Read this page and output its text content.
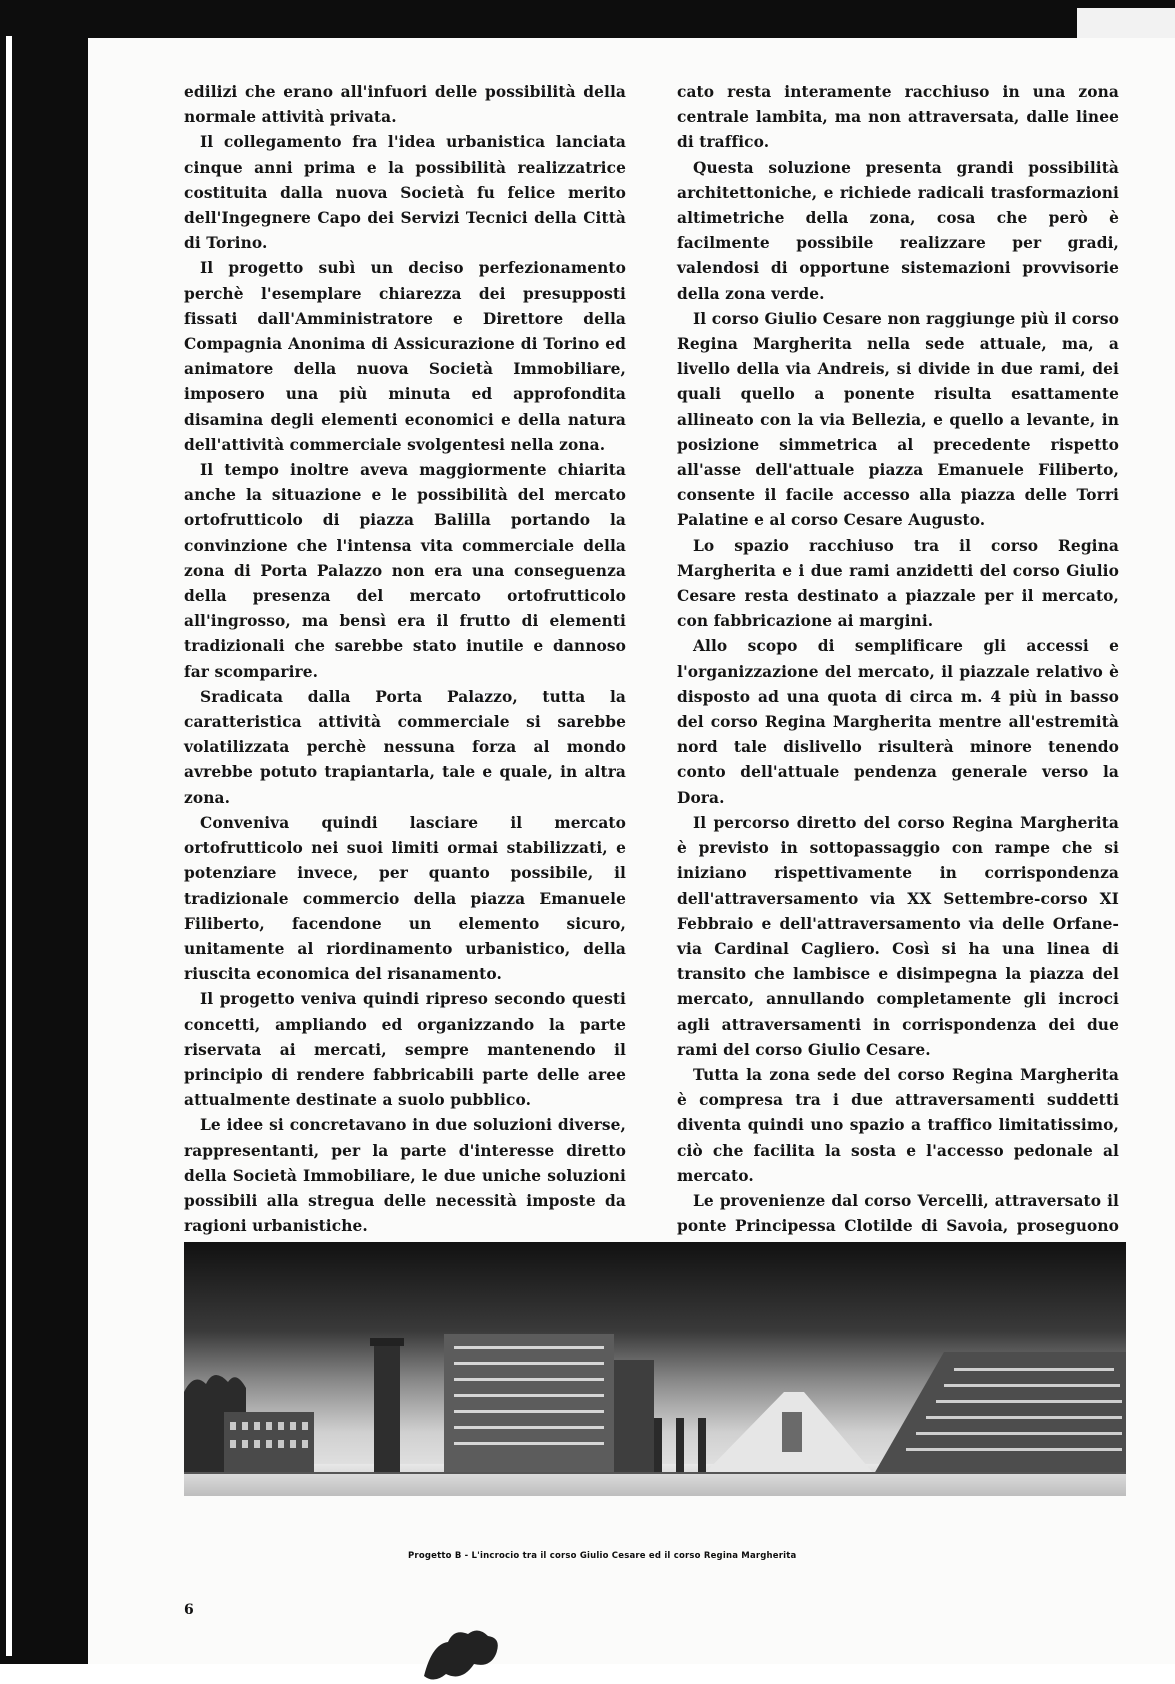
edilizi che erano all'infuori delle possibilità della normale attività privata.

Il collegamento fra l'idea urbanistica lanciata cinque anni prima e la possibilità realizzatrice costituita dalla nuova Società fu felice merito dell'Ingegnere Capo dei Servizi Tecnici della Città di Torino.

Il progetto subì un deciso perfezionamento perchè l'esemplare chiarezza dei presupposti fissati dall'Amministratore e Direttore della Compagnia Anonima di Assicurazione di Torino ed animatore della nuova Società Immobiliare, imposero una più minuta ed approfondita disamina degli elementi economici e della natura dell'attività commerciale svolgentesi nella zona.

Il tempo inoltre aveva maggiormente chiarita anche la situazione e le possibilità del mercato ortofrutticolo di piazza Balilla portando la convinzione che l'intensa vita commerciale della zona di Porta Palazzo non era una conseguenza della presenza del mercato ortofrutticolo all'ingrosso, ma bensì era il frutto di elementi tradizionali che sarebbe stato inutile e dannoso far scomparire.

Sradicata dalla Porta Palazzo, tutta la caratteristica attività commerciale si sarebbe volatilizzata perchè nessuna forza al mondo avrebbe potuto trapiantarla, tale e quale, in altra zona.

Conveniva quindi lasciare il mercato ortofrutticolo nei suoi limiti ormai stabilizzati, e potenziare invece, per quanto possibile, il tradizionale commercio della piazza Emanuele Filiberto, facendone un elemento sicuro, unitamente al riordinamento urbanistico, della riuscita economica del risanamento.

Il progetto veniva quindi ripreso secondo questi concetti, ampliando ed organizzando la parte riservata ai mercati, sempre mantenendo il principio di rendere fabbricabili parte delle aree attualmente destinate a suolo pubblico.

Le idee si concretavano in due soluzioni diverse, rappresentanti, per la parte d'interesse diretto della Società Immobiliare, le due uniche soluzioni possibili alla stregua delle necessità imposte da ragioni urbanistiche.

cato resta interamente racchiuso in una zona centrale lambita, ma non attraversata, dalle linee di traffico.

Questa soluzione presenta grandi possibilità architettoniche, e richiede radicali trasformazioni altimetriche della zona, cosa che però è facilmente possibile realizzare per gradi, valendosi di opportune sistemazioni provvisorie della zona verde.

Il corso Giulio Cesare non raggiunge più il corso Regina Margherita nella sede attuale, ma, a livello della via Andreis, si divide in due rami, dei quali quello a ponente risulta esattamente allineato con la via Bellezia, e quello a levante, in posizione simmetrica al precedente rispetto all'asse dell'attuale piazza Emanuele Filiberto, consente il facile accesso alla piazza delle Torri Palatine e al corso Cesare Augusto.

Lo spazio racchiuso tra il corso Regina Margherita e i due rami anzidetti del corso Giulio Cesare resta destinato a piazzale per il mercato, con fabbricazione ai margini.

Allo scopo di semplificare gli accessi e l'organizzazione del mercato, il piazzale relativo è disposto ad una quota di circa m. 4 più in basso del corso Regina Margherita mentre all'estremità nord tale dislivello risulterà minore tenendo conto dell'attuale pendenza generale verso la Dora.

Il percorso diretto del corso Regina Margherita è previsto in sottopassaggio con rampe che si iniziano rispettivamente in corrispondenza dell'attraversamento via XX Settembre-corso XI Febbraio e dell'attraversamento via delle Orfane-via Cardinal Cagliero. Così si ha una linea di transito che lambisce e disimpegna la piazza del mercato, annullando completamente gli incroci agli attraversamenti in corrispondenza dei due rami del corso Giulio Cesare.

Tutta la zona sede del corso Regina Margherita è compresa tra i due attraversamenti suddetti diventa quindi uno spazio a traffico limitatissimo, ciò che facilita la sosta e l'accesso pedonale al mercato.

Le provenienze dal corso Vercelli, attraversato il ponte Principessa Clotilde di Savoia, proseguono

Progetto B - L'incrocio tra il corso Giulio Cesare ed il corso Regina Margherita
6
